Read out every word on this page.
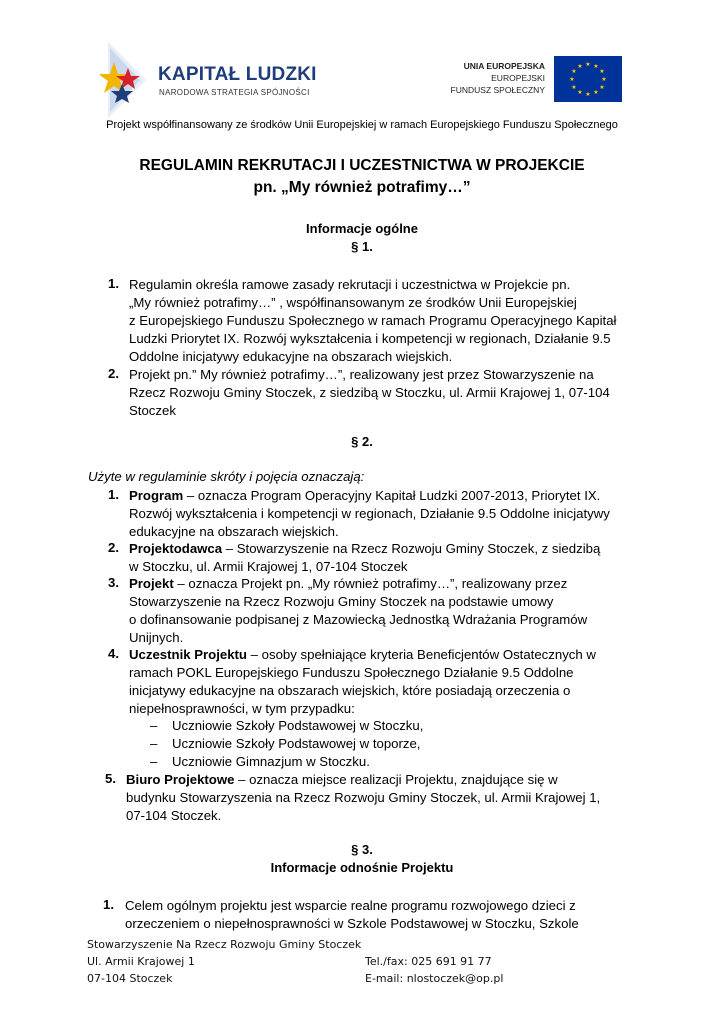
KAPITAŁ LUDZKI
NARODOWA STRATEGIA SPÓJNOŚCI
UNIA EUROPEJSKA
EUROPEJSKI
FUNDUSZ SPOŁECZNY
★ ★
★
★
★
★
★
★
★
★
★
★
Projekt współfinansowany ze środków Unii Europejskiej w ramach Europejskiego Funduszu Społecznego
REGULAMIN REKRUTACJI I UCZESTNICTWA W PROJEKCIE
pn. „My również potrafimy…”
Informacje ogólne
§ 1.
1. Regulamin określa ramowe zasady rekrutacji i uczestnictwa w Projekcie pn.
„My również potrafimy…” , współfinansowanym ze środków Unii Europejskiej
z Europejskiego Funduszu Społecznego w ramach Programu Operacyjnego Kapitał
Ludzki Priorytet IX. Rozwój wykształcenia i kompetencji w regionach, Działanie 9.5
Oddolne inicjatywy edukacyjne na obszarach wiejskich.
2. Projekt pn.” My również potrafimy…”, realizowany jest przez Stowarzyszenie na
Rzecz Rozwoju Gminy Stoczek, z siedzibą w Stoczku, ul. Armii Krajowej 1, 07-104
Stoczek
§ 2.
Użyte w regulaminie skróty i pojęcia oznaczają:
1. Program – oznacza Program Operacyjny Kapitał Ludzki 2007-2013, Priorytet IX.
Rozwój wykształcenia i kompetencji w regionach, Działanie 9.5 Oddolne inicjatywy
edukacyjne na obszarach wiejskich.
2. Projektodawca – Stowarzyszenie na Rzecz Rozwoju Gminy Stoczek, z siedzibą
w Stoczku, ul. Armii Krajowej 1, 07-104 Stoczek
3. Projekt – oznacza Projekt pn. „My również potrafimy…”, realizowany przez
Stowarzyszenie na Rzecz Rozwoju Gminy Stoczek na podstawie umowy
o dofinansowanie podpisanej z Mazowiecką Jednostką Wdrażania Programów
Unijnych.
4. Uczestnik Projektu – osoby spełniające kryteria Beneficjentów Ostatecznych w
ramach POKL Europejskiego Funduszu Społecznego Działanie 9.5 Oddolne
inicjatywy edukacyjne na obszarach wiejskich, które posiadają orzeczenia o
niepełnosprawności, w tym przypadku:
– Uczniowie Szkoły Podstawowej w Stoczku,
– Uczniowie Szkoły Podstawowej w toporze,
– Uczniowie Gimnazjum w Stoczku.
5. Biuro Projektowe – oznacza miejsce realizacji Projektu, znajdujące się w
budynku Stowarzyszenia na Rzecz Rozwoju Gminy Stoczek, ul. Armii Krajowej 1,
07-104 Stoczek.
§ 3.
Informacje odnośnie Projektu
1. Celem ogólnym projektu jest wsparcie realne programu rozwojowego dzieci z
orzeczeniem o niepełnosprawności w Szkole Podstawowej w Stoczku, Szkole
Stowarzyszenie Na Rzecz Rozwoju Gminy Stoczek
Ul. Armii Krajowej 1
07-104 Stoczek
Tel./fax: 025 691 91 77
E-mail: nlostoczek@op.pl
